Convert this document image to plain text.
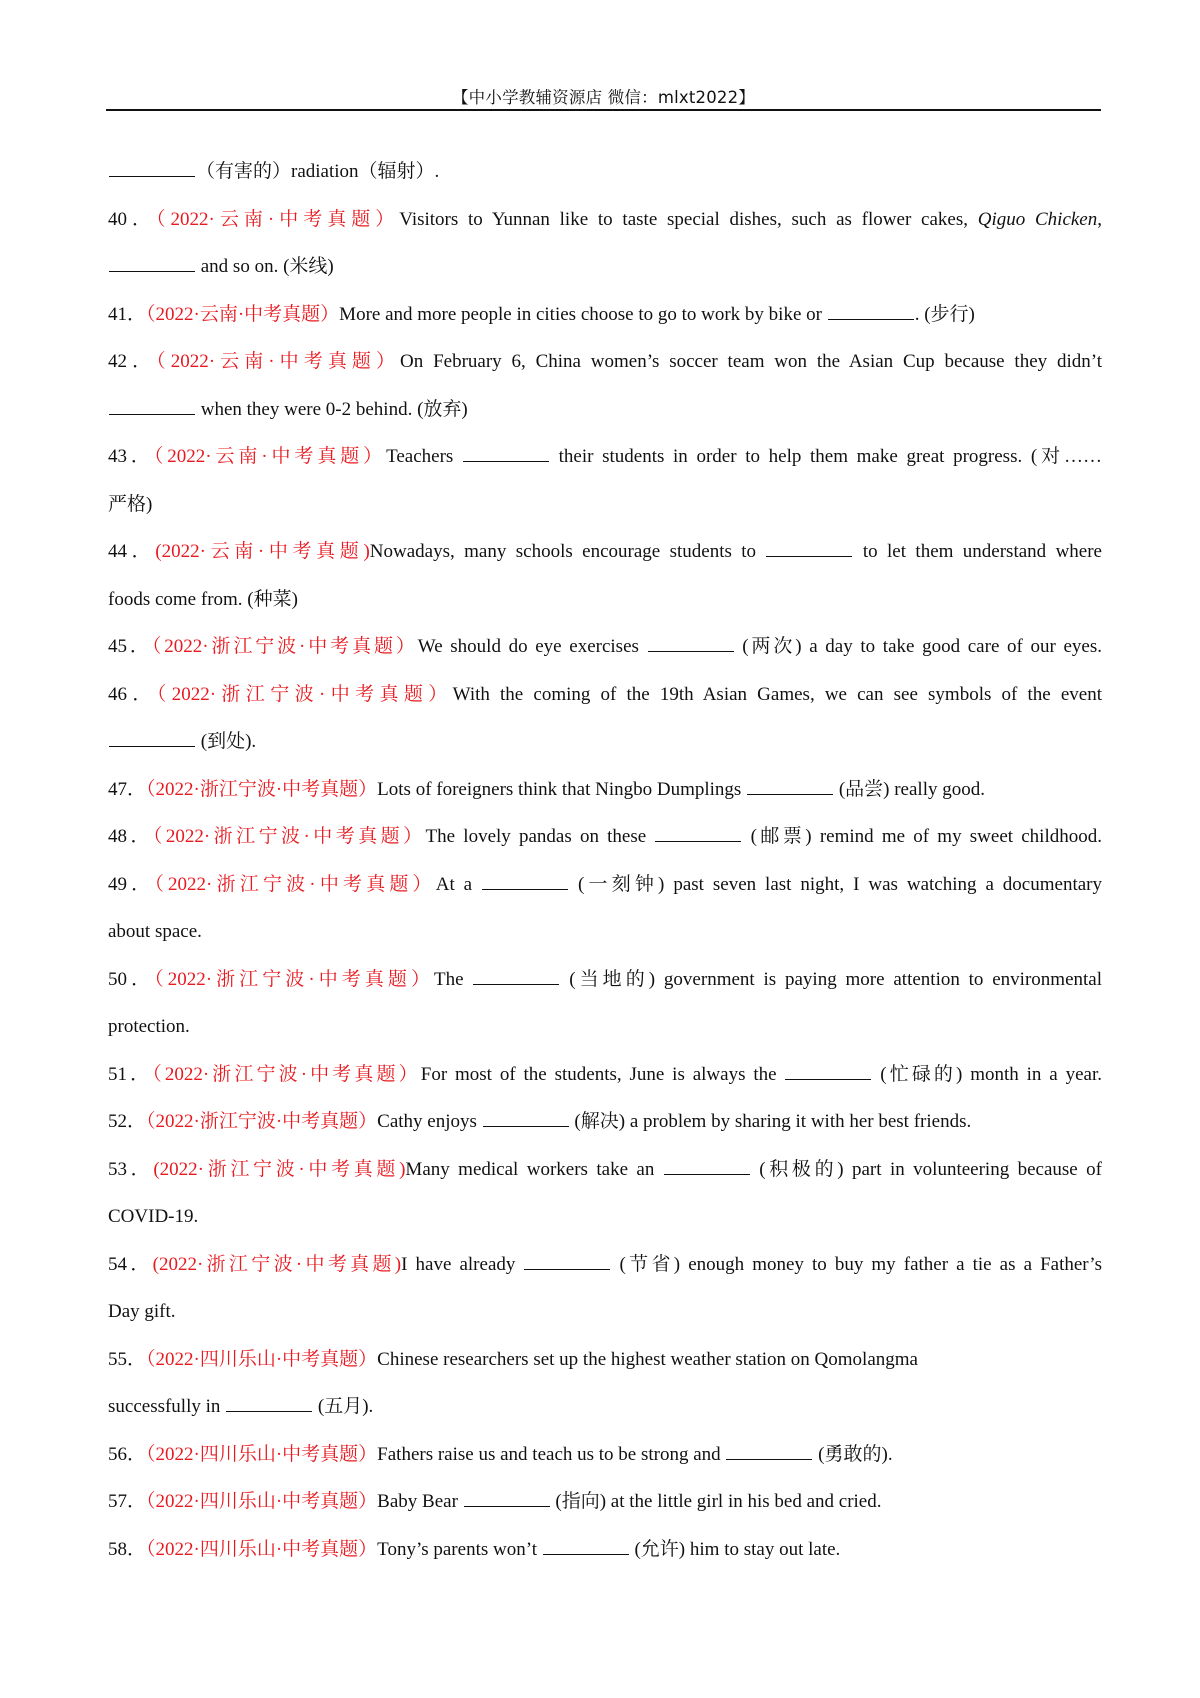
【中小学教辅资源店 微信：mlxt2022】
（有害的）radiation（辐射）.
40．（2022·云南·中考真题）Visitors to Yunnan like to taste special dishes, such as flower cakes, Qiguo Chicken,
and so on. (米线)
41．（2022·云南·中考真题）More and more people in cities choose to go to work by bike or	. (步行)
42．（2022·云南·中考真题）On February 6, China women’s soccer team won the Asian Cup because they didn’t
when they were 0-2 behind. (放弃)
43．（2022·云南·中考真题）Teachers	their students in order to help them make great progress. (对……
严格)
44．(2022·云南·中考真题)Nowadays, many schools encourage students to	to let them understand where
foods come from. (种菜)
45．（2022·浙江宁波·中考真题）We should do eye exercises	(两次) a day to take good care of our eyes.
46．（2022·浙江宁波·中考真题）With the coming of the 19th Asian Games, we can see symbols of the event
(到处).
47．（2022·浙江宁波·中考真题）Lots of foreigners think that Ningbo Dumplings	(品尝) really good.
48．（2022·浙江宁波·中考真题）The lovely pandas on these	(邮票) remind me of my sweet childhood.
49．（2022·浙江宁波·中考真题）At a	(一刻钟) past seven last night, I was watching a documentary
about space.
50．（2022·浙江宁波·中考真题）The	(当地的) government is paying more attention to environmental
protection.
51．（2022·浙江宁波·中考真题）For most of the students, June is always the	(忙碌的) month in a year.
52．（2022·浙江宁波·中考真题）Cathy enjoys	(解决) a problem by sharing it with her best friends.
53．(2022·浙江宁波·中考真题)Many medical workers take an	(积极的) part in volunteering because of
COVID-19.
54．(2022·浙江宁波·中考真题)I have already	(节省) enough money to buy my father a tie as a Father’s
Day gift.
55．（2022·四川乐山·中考真题）Chinese researchers set up the highest weather station on Qomolangma
successfully in	(五月).
56．（2022·四川乐山·中考真题）Fathers raise us and teach us to be strong and	(勇敢的).
57．（2022·四川乐山·中考真题）Baby Bear	(指向) at the little girl in his bed and cried.
58．（2022·四川乐山·中考真题）Tony’s parents won’t	(允许) him to stay out late.
